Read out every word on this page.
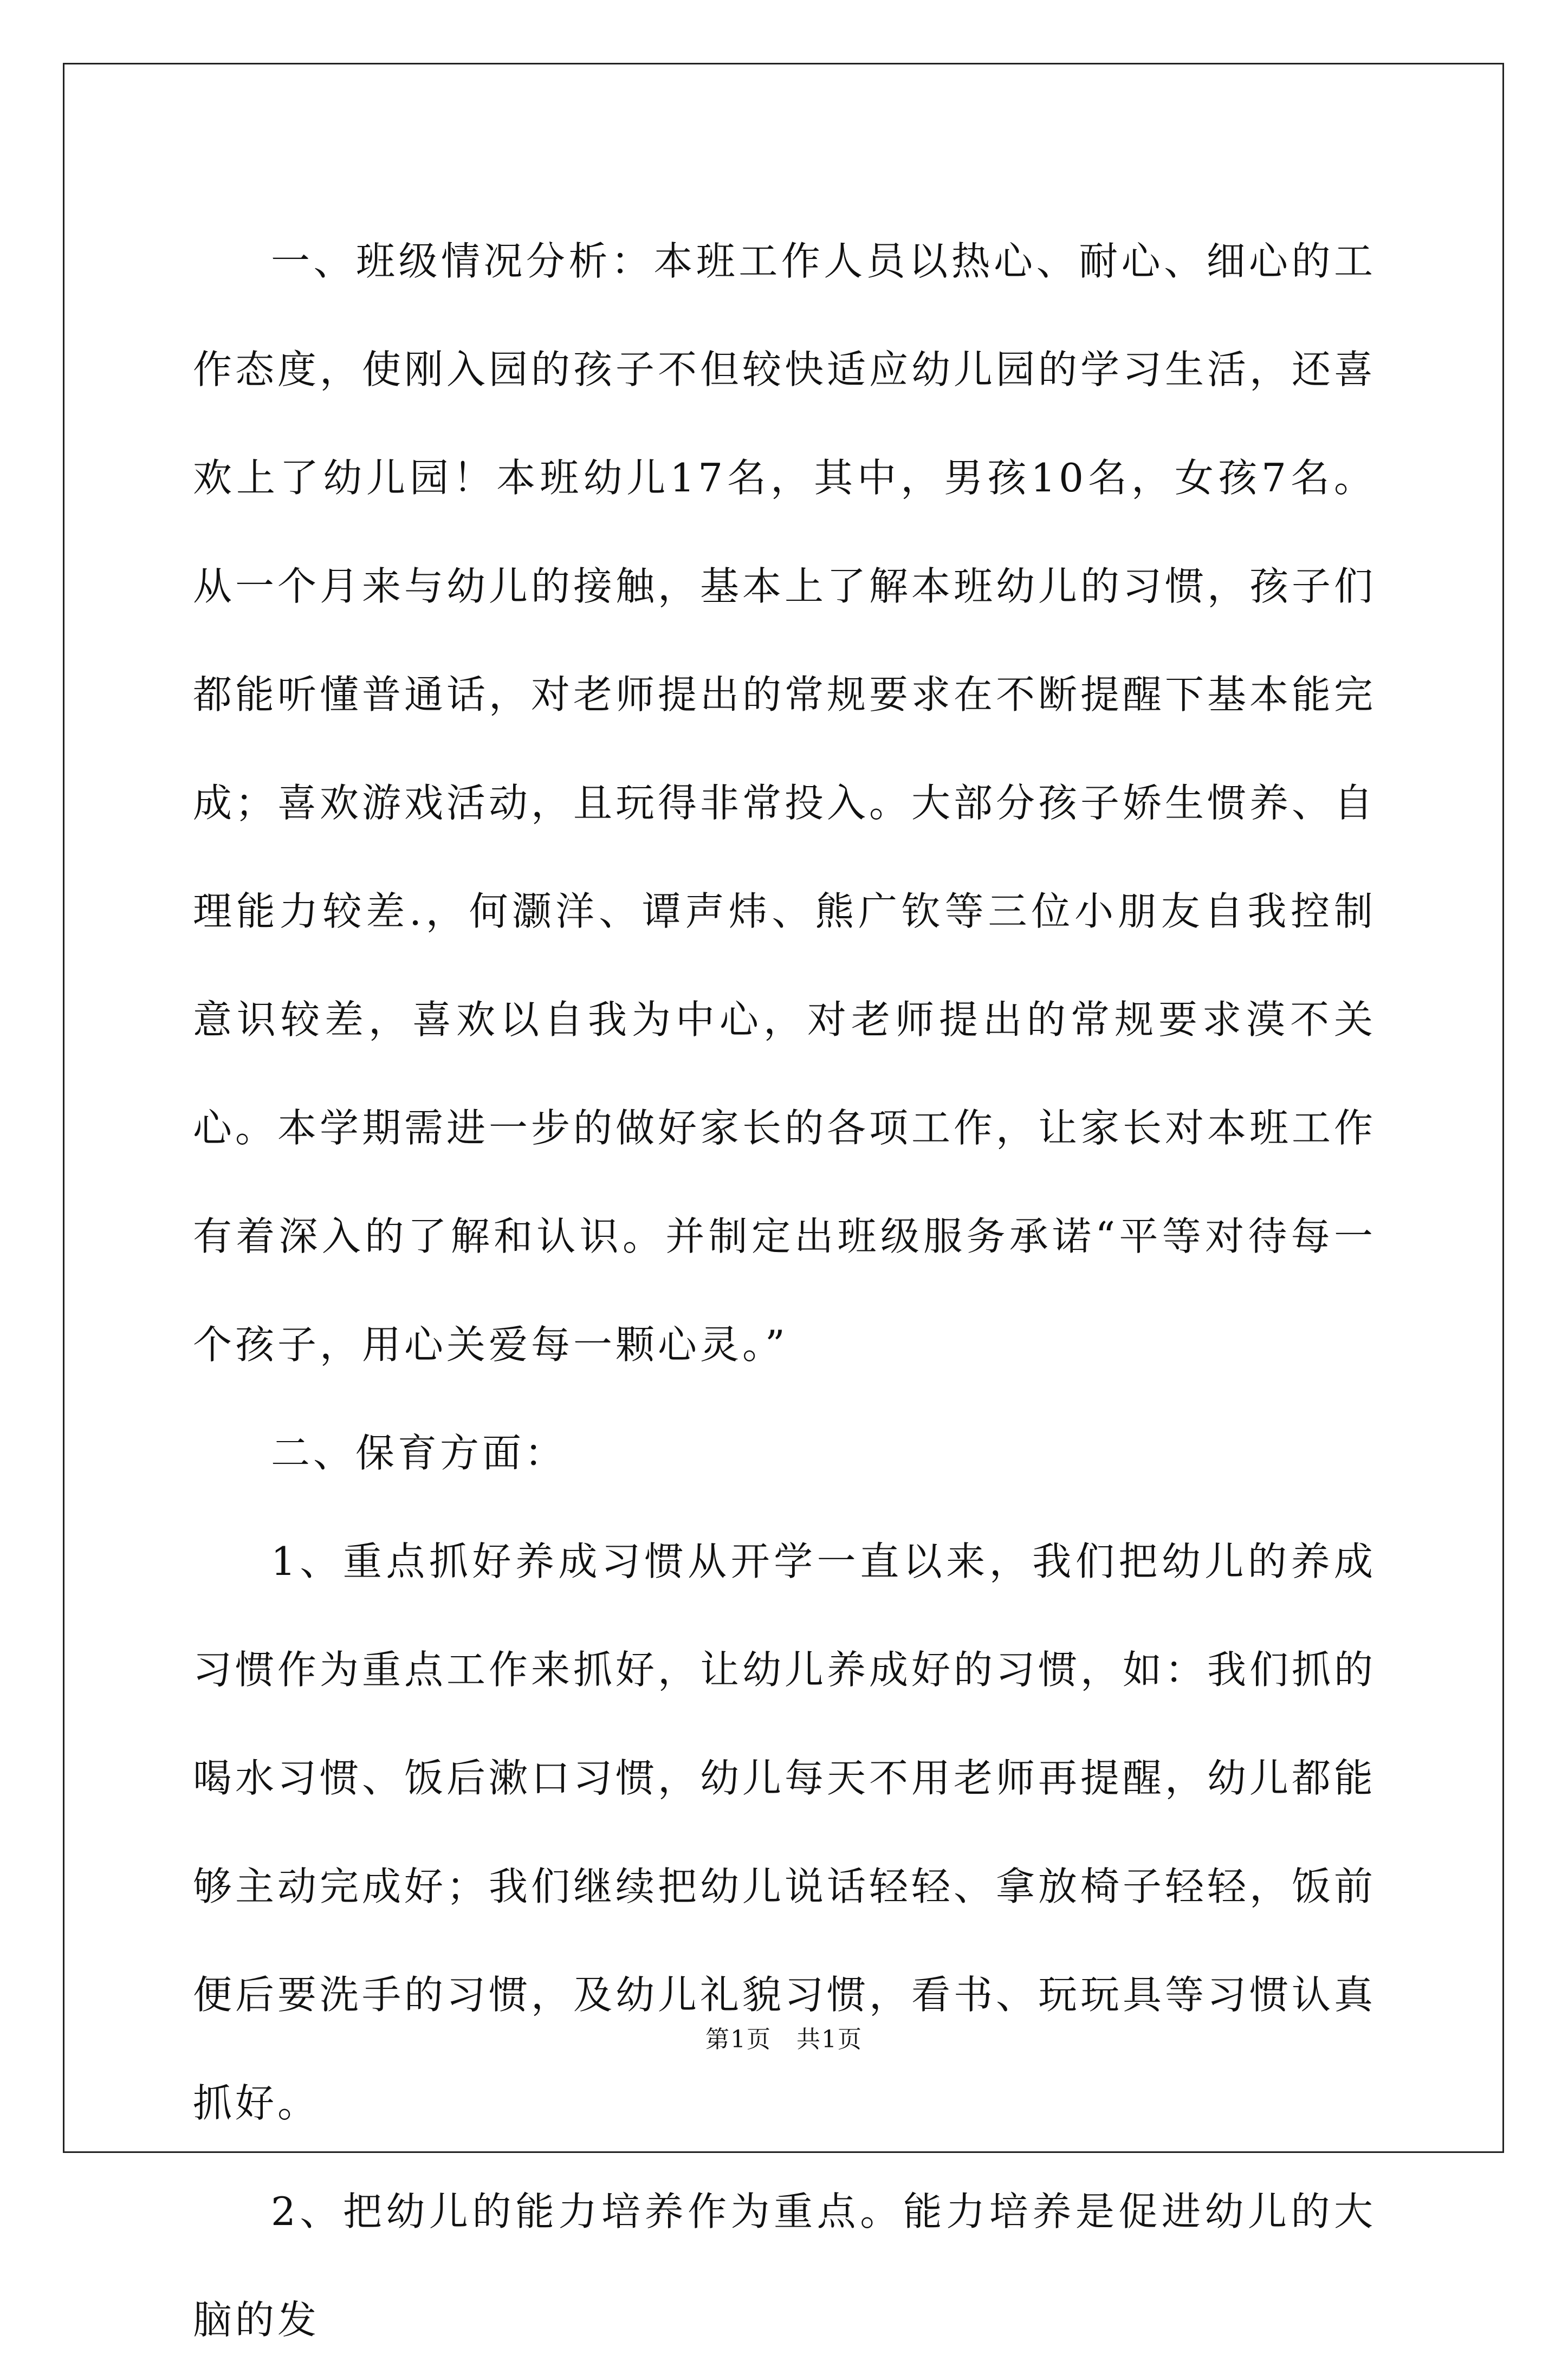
一、班级情况分析：本班工作人员以热心、耐心、细心的工作态度，使刚入园的孩子不但较快适应幼儿园的学习生活，还喜欢上了幼儿园！本班幼儿17名，其中，男孩10名，女孩7名。从一个月来与幼儿的接触，基本上了解本班幼儿的习惯，孩子们都能听懂普通话，对老师提出的常规要求在不断提醒下基本能完成；喜欢游戏活动，且玩得非常投入。大部分孩子娇生惯养、自理能力较差.，何灏洋、谭声炜、熊广钦等三位小朋友自我控制意识较差，喜欢以自我为中心，对老师提出的常规要求漠不关心。本学期需进一步的做好家长的各项工作，让家长对本班工作有着深入的了解和认识。并制定出班级服务承诺“平等对待每一个孩子，用心关爱每一颗心灵。”

二、保育方面：

1、重点抓好养成习惯从开学一直以来，我们把幼儿的养成习惯作为重点工作来抓好，让幼儿养成好的习惯，如：我们抓的喝水习惯、饭后漱口习惯，幼儿每天不用老师再提醒，幼儿都能够主动完成好；我们继续把幼儿说话轻轻、拿放椅子轻轻，饭前便后要洗手的习惯，及幼儿礼貌习惯，看书、玩玩具等习惯认真抓好。

2、把幼儿的能力培养作为重点。能力培养是促进幼儿的大脑的发

第1页　共1页
